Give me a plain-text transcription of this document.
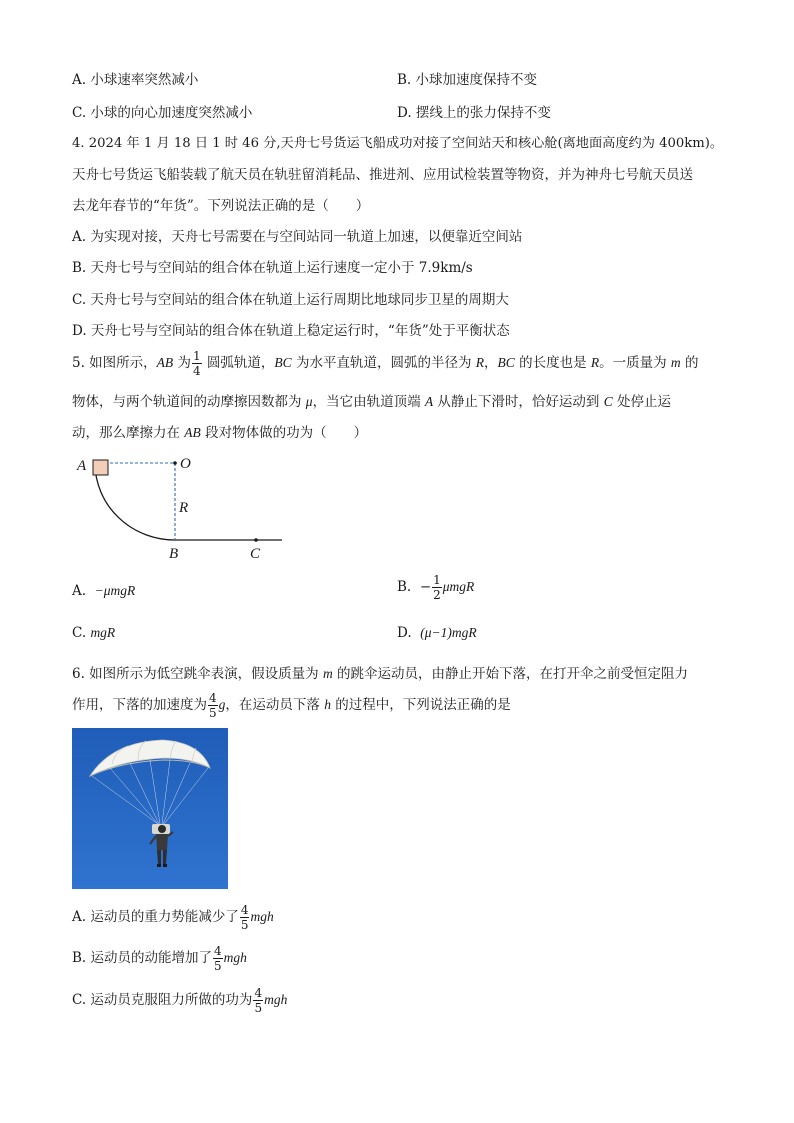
A. 小球速率突然减小	B. 小球加速度保持不变
C. 小球的向心加速度突然减小	D. 摆线上的张力保持不变
4. 2024 年 1 月 18 日 1 时 46 分,天舟七号货运飞船成功对接了空间站天和核心舱(离地面高度约为 400km)。
天舟七号货运飞船装载了航天员在轨驻留消耗品、推进剂、应用试检装置等物资，并为神舟七号航天员送
去龙年春节的“年货”。下列说法正确的是（　　）
A. 为实现对接，天舟七号需要在与空间站同一轨道上加速，以便靠近空间站
B. 天舟七号与空间站的组合体在轨道上运行速度一定小于 7.9km/s
C. 天舟七号与空间站的组合体在轨道上运行周期比地球同步卫星的周期大
D. 天舟七号与空间站的组合体在轨道上稳定运行时，“年货”处于平衡状态
5. 如图所示，AB 为 $\frac{1}{4}$ 圆弧轨道，BC 为水平直轨道，圆弧的半径为 R，BC 的长度也是 R。一质量为 m 的
物体，与两个轨道间的动摩擦因数都为 μ，当它由轨道顶端 A 从静止下滑时，恰好运动到 C 处停止运
动，那么摩擦力在 AB 段对物体做的功为（　　）
A	O
R
B	C
A. −μmgR	B. − $\frac{1}{2}$ μmgR
C. mgR	D. (μ−1)mgR
6. 如图所示为低空跳伞表演，假设质量为 m 的跳伞运动员，由静止开始下落，在打开伞之前受恒定阻力
作用，下落的加速度为 $\frac{4}{5}$ g，在运动员下落 h 的过程中，下列说法正确的是
A. 运动员的重力势能减少了 $\frac{4}{5}$ mgh
B. 运动员的动能增加了 $\frac{4}{5}$ mgh
C. 运动员克服阻力所做的功为 $\frac{4}{5}$ mgh
